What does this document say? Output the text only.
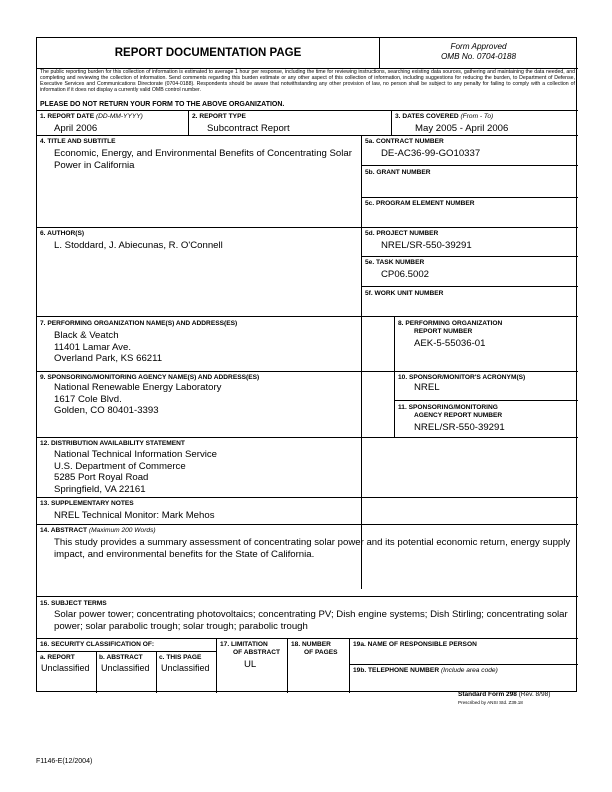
REPORT DOCUMENTATION PAGE
Form Approved
OMB No. 0704-0188
The public reporting burden for this collection of information is estimated to average 1 hour per response, including the time for reviewing instructions, searching existing data sources, gathering and maintaining the data needed, and completing and reviewing the collection of information. Send comments regarding this burden estimate or any other aspect of this collection of information, including suggestions for reducing the burden, to Department of Defense, Executive Services and Communications Directorate (0704-0188). Respondents should be aware that notwithstanding any other provision of law, no person shall be subject to any penalty for failing to comply with a collection of information if it does not display a currently valid OMB control number.
PLEASE DO NOT RETURN YOUR FORM TO THE ABOVE ORGANIZATION.
1. REPORT DATE (DD-MM-YYYY)
April 2006
2. REPORT TYPE
Subcontract Report
3. DATES COVERED (From - To)
May 2005 - April 2006
4. TITLE AND SUBTITLE
Economic, Energy, and Environmental Benefits of Concentrating Solar Power in California
5a. CONTRACT NUMBER
DE-AC36-99-GO10337
5b. GRANT NUMBER
5c. PROGRAM ELEMENT NUMBER
6. AUTHOR(S)
L. Stoddard, J. Abiecunas, R. O'Connell
5d. PROJECT NUMBER
NREL/SR-550-39291
5e. TASK NUMBER
CP06.5002
5f. WORK UNIT NUMBER
7. PERFORMING ORGANIZATION NAME(S) AND ADDRESS(ES)
Black & Veatch
11401 Lamar Ave.
Overland Park, KS 66211
8. PERFORMING ORGANIZATION
REPORT NUMBER
AEK-5-55036-01
9. SPONSORING/MONITORING AGENCY NAME(S) AND ADDRESS(ES)
National Renewable Energy Laboratory
1617 Cole Blvd.
Golden, CO 80401-3393
10. SPONSOR/MONITOR'S ACRONYM(S)
NREL
11. SPONSORING/MONITORING
AGENCY REPORT NUMBER
NREL/SR-550-39291
12. DISTRIBUTION AVAILABILITY STATEMENT
National Technical Information Service
U.S. Department of Commerce
5285 Port Royal Road
Springfield, VA 22161
13. SUPPLEMENTARY NOTES
NREL Technical Monitor: Mark Mehos
14. ABSTRACT (Maximum 200 Words)
This study provides a summary assessment of concentrating solar power and its potential economic return, energy supply impact, and environmental benefits for the State of California.
15. SUBJECT TERMS
Solar power tower; concentrating photovoltaics; concentrating PV; Dish engine systems; Dish Stirling; concentrating solar power; solar parabolic trough; solar trough; parabolic trough
16. SECURITY CLASSIFICATION OF:
a. REPORT
Unclassified
b. ABSTRACT
Unclassified
c. THIS PAGE
Unclassified
17. LIMITATION
OF ABSTRACT
UL
18. NUMBER
OF PAGES
19a. NAME OF RESPONSIBLE PERSON
19b. TELEPHONE NUMBER (Include area code)
Standard Form 298 (Rev. 8/98)
Prescribed by ANSI Std. Z39.18
F1146-E(12/2004)
